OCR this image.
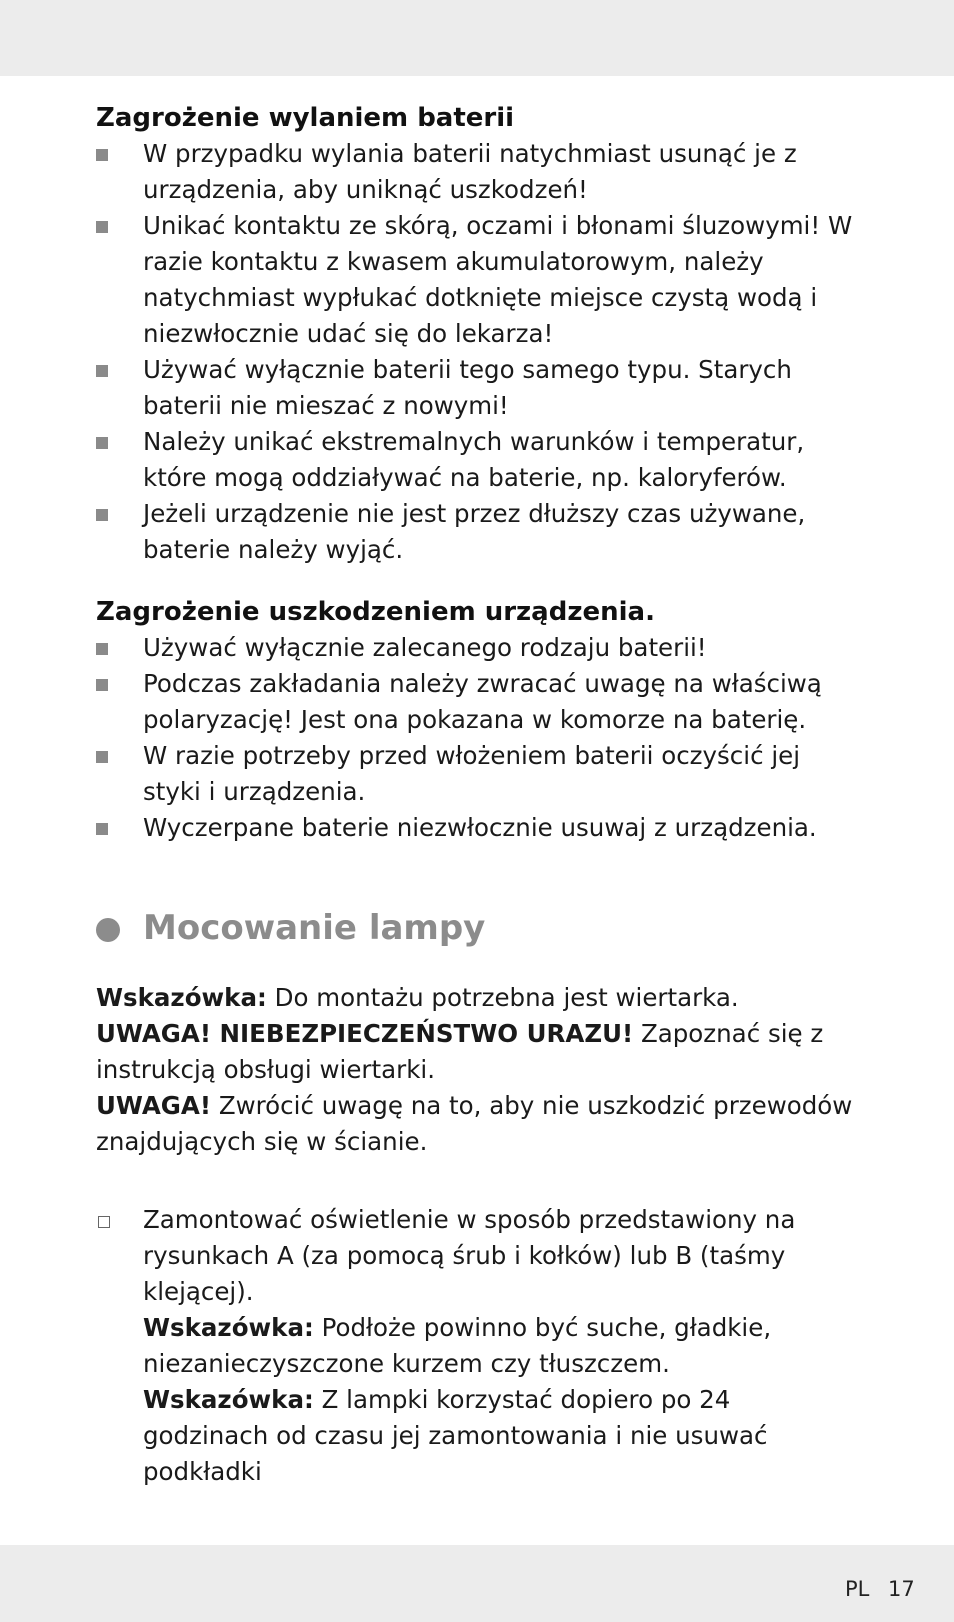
Zagrożenie wylaniem baterii
W przypadku wylania baterii natychmiast usunąć je z urządzenia, aby uniknąć uszkodzeń!
Unikać kontaktu ze skórą, oczami i błonami śluzowymi! W razie kontaktu z kwasem akumulatorowym, należy natychmiast wypłukać dotknięte miejsce czystą wodą i niezwłocznie udać się do lekarza!
Używać wyłącznie baterii tego samego typu. Starych baterii nie mieszać z nowymi!
Należy unikać ekstremalnych warunków i temperatur, które mogą oddziaływać na baterie, np. kaloryferów.
Jeżeli urządzenie nie jest przez dłuższy czas używane, baterie należy wyjąć.
Zagrożenie uszkodzeniem urządzenia.
Używać wyłącznie zalecanego rodzaju baterii!
Podczas zakładania należy zwracać uwagę na właściwą polaryzację! Jest ona pokazana w komorze na baterię.
W razie potrzeby przed włożeniem baterii oczyścić jej styki i urządzenia.
Wyczerpane baterie niezwłocznie usuwaj z urządzenia.
Mocowanie lampy

Wskazówka: Do montażu potrzebna jest wiertarka.

UWAGA! NIEBEZPIECZEŃSTWO URAZU! Zapoznać się z instrukcją obsługi wiertarki.

UWAGA! Zwrócić uwagę na to, aby nie uszkodzić przewodów znajdujących się w ścianie.

Zamontować oświetlenie w sposób przedstawiony na rysunkach A (za pomocą śrub i kołków) lub B (taśmy klejącej).
Wskazówka: Podłoże powinno być suche, gładkie, niezanieczyszczone kurzem czy tłuszczem.
Wskazówka: Z lampki korzystać dopiero po 24 godzinach od czasu jej zamontowania i nie usuwać podkładki
PL 17
